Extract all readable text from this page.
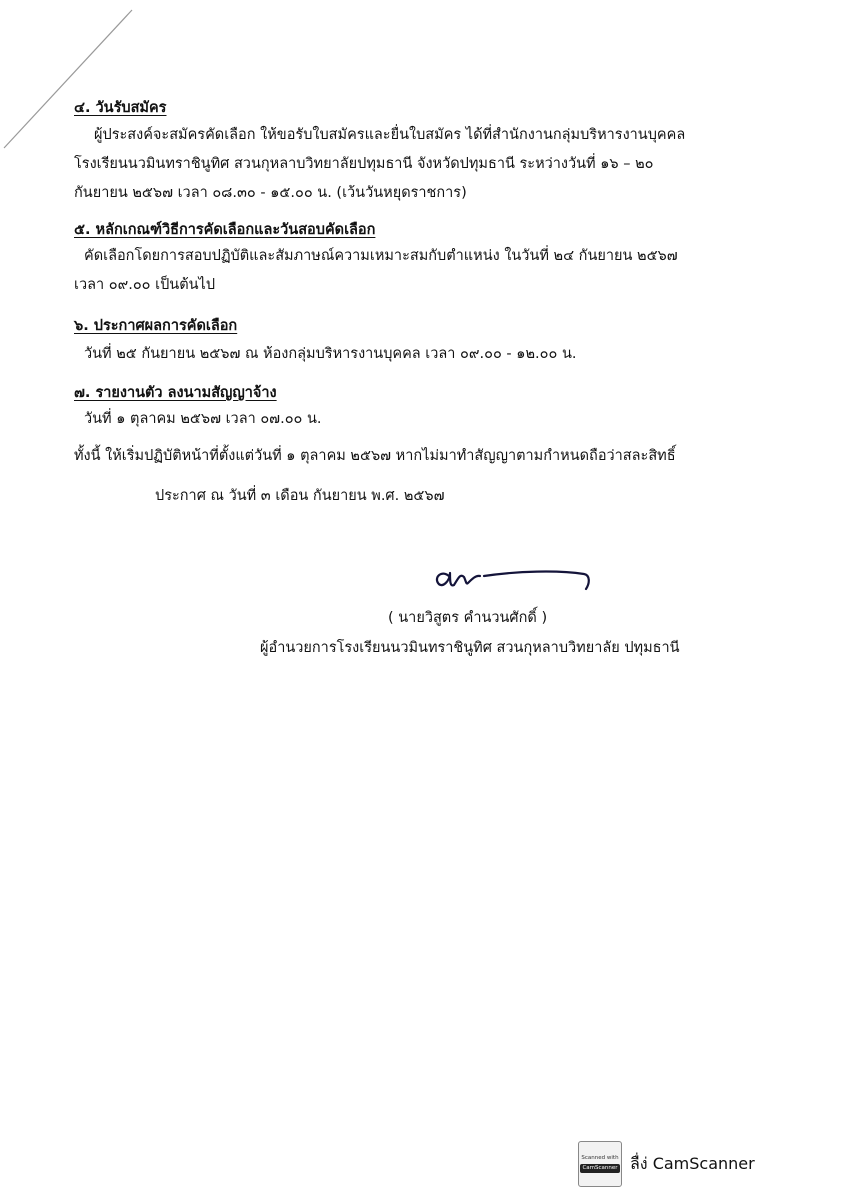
๔. วันรับสมัคร
ผู้ประสงค์จะสมัครคัดเลือก ให้ขอรับใบสมัครและยื่นใบสมัคร ได้ที่สำนักงานกลุ่มบริหารงานบุคคล
โรงเรียนนวมินทราชินูทิศ สวนกุหลาบวิทยาลัยปทุมธานี จังหวัดปทุมธานี ระหว่างวันที่ ๑๖ – ๒๐
กันยายน ๒๕๖๗ เวลา ๐๘.๓๐ - ๑๕.๐๐ น. (เว้นวันหยุดราชการ)
๕. หลักเกณฑ์วิธีการคัดเลือกและวันสอบคัดเลือก
คัดเลือกโดยการสอบปฏิบัติและสัมภาษณ์ความเหมาะสมกับตำแหน่ง ในวันที่ ๒๔ กันยายน ๒๕๖๗
เวลา ๐๙.๐๐ เป็นต้นไป
๖. ประกาศผลการคัดเลือก
วันที่ ๒๕ กันยายน ๒๕๖๗ ณ ห้องกลุ่มบริหารงานบุคคล เวลา ๐๙.๐๐ - ๑๒.๐๐ น.
๗. รายงานตัว ลงนามสัญญาจ้าง
วันที่ ๑ ตุลาคม ๒๕๖๗ เวลา ๐๗.๐๐ น.
ทั้งนี้ ให้เริ่มปฏิบัติหน้าที่ตั้งแต่วันที่ ๑ ตุลาคม ๒๕๖๗ หากไม่มาทำสัญญาตามกำหนดถือว่าสละสิทธิ์
ประกาศ ณ วันที่ ๓ เดือน กันยายน พ.ศ. ๒๕๖๗
( นายวิสูตร คำนวนศักดิ์ )
ผู้อำนวยการโรงเรียนนวมินทราชินูทิศ สวนกุหลาบวิทยาลัย ปทุมธานี
Scanned with
CamScanner ลื่ง่ CamScanner
